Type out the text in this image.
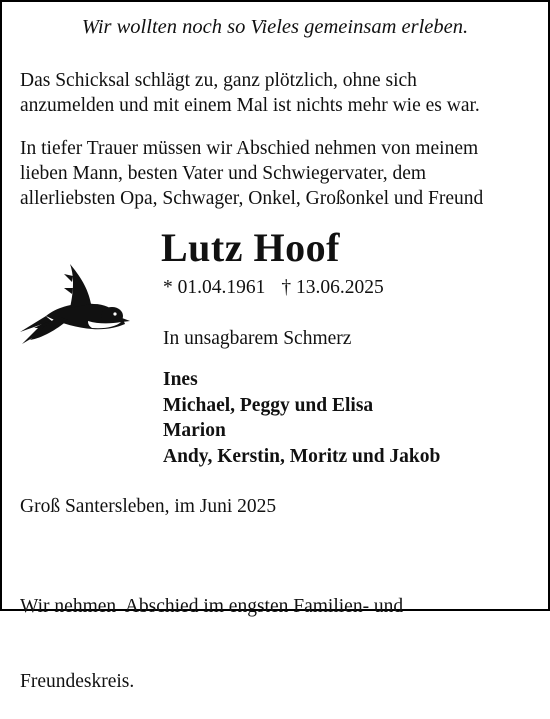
Wir wollten noch so Vieles gemeinsam erleben.
Das Schicksal schlägt zu, ganz plötzlich, ohne sich
anzumelden und mit einem Mal ist nichts mehr wie es war.
In tiefer Trauer müssen wir Abschied nehmen von meinem
lieben Mann, besten Vater und Schwiegervater, dem
allerliebsten Opa, Schwager, Onkel, Großonkel und Freund
Lutz Hoof
* 01.04.1961 † 13.06.2025
In unsagbarem Schmerz
Ines
Michael, Peggy und Elisa
Marion
Andy, Kerstin, Moritz und Jakob
Groß Santersleben, im Juni 2025

Wir nehmen  Abschied im engsten Familien- und

Freundeskreis.
